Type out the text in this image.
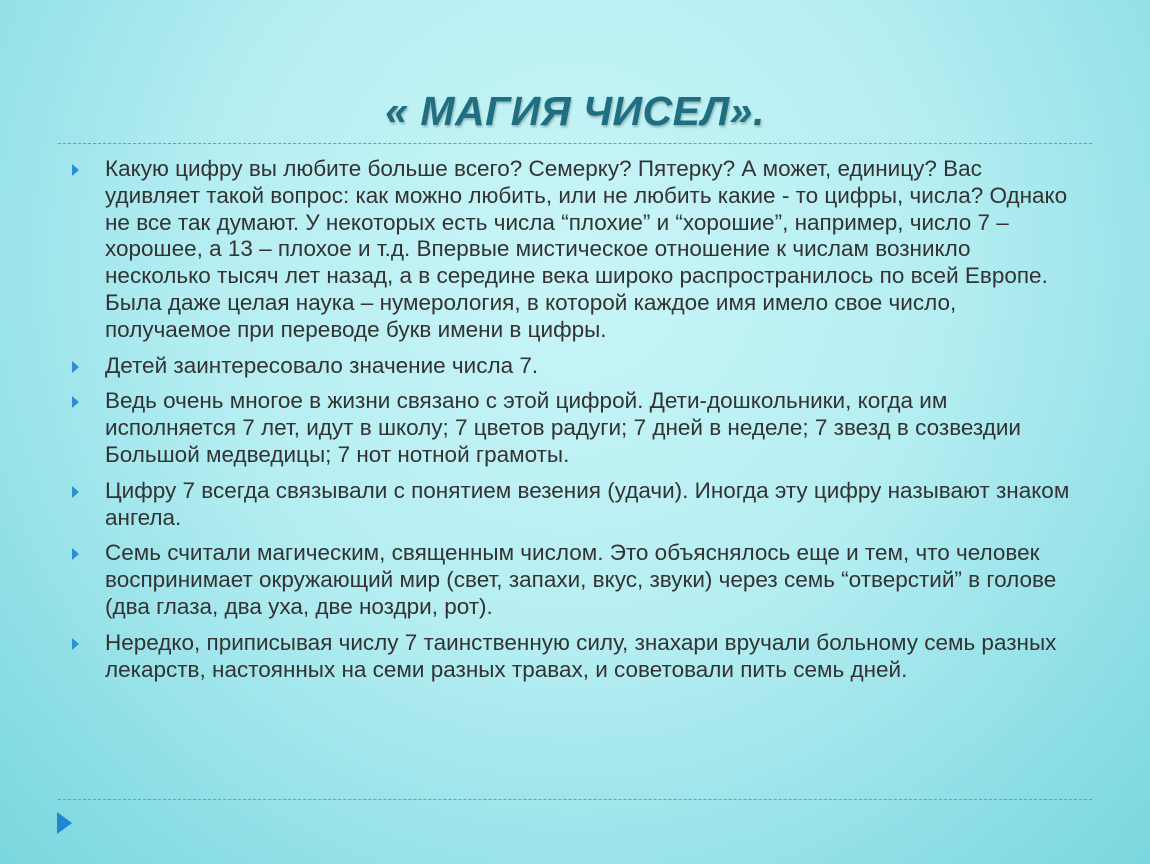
« МАГИЯ ЧИСЕЛ».
Какую цифру вы любите больше всего? Семерку? Пятерку? А может, единицу? Вас удивляет такой вопрос: как можно любить, или не любить какие - то цифры, числа? Однако не все так думают. У некоторых есть числа “плохие” и “хорошие”, например, число 7 – хорошее, а 13 – плохое и т.д. Впервые мистическое отношение к числам возникло несколько тысяч лет назад, а в середине века широко распространилось по всей Европе. Была даже целая наука – нумерология, в которой каждое имя имело свое число, получаемое при переводе букв имени в цифры.
Детей заинтересовало значение числа 7.
Ведь очень многое в жизни связано с этой цифрой. Дети-дошкольники, когда им исполняется 7 лет, идут в школу; 7 цветов радуги; 7 дней в неделе; 7 звезд в созвездии Большой медведицы; 7 нот нотной грамоты.
Цифру 7 всегда связывали с понятием везения (удачи). Иногда эту цифру называют знаком ангела.
Семь считали магическим, священным числом. Это объяснялось еще и тем, что человек воспринимает окружающий мир (свет, запахи, вкус, звуки) через семь “отверстий” в голове (два глаза, два уха, две ноздри, рот).
Нередко, приписывая числу 7 таинственную силу, знахари вручали больному семь разных лекарств, настоянных на семи разных травах, и советовали пить семь дней.
